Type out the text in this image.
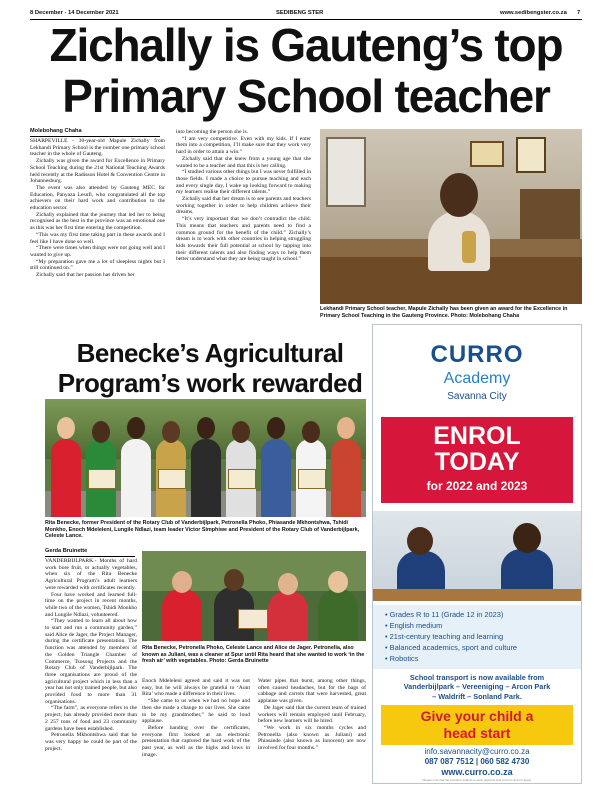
8 December - 14 December 2021	SEDIBENG STER	www.sedibengster.co.za 7
Zichally is Gauteng’s top
Primary School teacher
Molebohang Chaha

SHARPEVILLE - 30-year-old Mapule Zichally from Lekhandi Primary School is the number one primary school teacher in the whole of Gauteng.

Zichally was given the award for Excellence in Primary School Teaching during the 21st National Teaching Awards held recently at the Radisson Hotel & Convention Centre in Johannesburg.

The event was also attended by Gauteng MEC for Education, Panyaza Lesufi, who congratulated all the top achievers on their hard work and contribution to the education sector.

Zichally explained that the journey that led her to being recognised as the best in the province was an emotional one as this was her first time entering the competition.

“This was my first time taking part in these awards and I feel like I have done so well.

“There were times when things were not going well and I wanted to give up.

“My preparation gave me a lot of sleepless nights but I still continued on.”

Zichally said that her passion has driven her

into becoming the person she is.

“I am very competitive. Even with my kids. If I enter them into a competition, I’ll make sure that they work very hard in order to attain a win.”

Zichally said that she knew from a young age that she wanted to be a teacher and that this is her calling.

“I studied various other things but I was never fulfilled in those fields. I made a choice to pursue teaching and each and every single day, I wake up looking forward to making my learners realise their different talents.”

Zichally said that her dream is to see parents and teachers working together in order to help children achieve their dreams.

“It’s very important that we don’t contradict the child. This means that teachers and parents need to find a common ground for the benefit of the child.” Zichally’s dream is to work with other countries in helping struggling kids towards their full potential at school by tapping into their different talents and also finding ways to help them better understand what they are being taught in school.”

Lekhandi Primary School teacher, Mapule Zichally has been given an award for the Excellence in Primary School Teaching in the Gauteng Province. Photo: Molebohang Chaha
Benecke’s Agricultural
Program’s work rewarded
Rita Benecke, former President of the Rotary Club of Vanderbijlpark, Petronella Phoko, Phiasande Mkhontshwa, Tshidi Monkho, Enoch Mdeleleni, Lungile Ndlazi, team leader Victor Simphiwe and President of the Rotary Club of Vanderbijlpark, Celeste Lance.
Gerda Bruinette

VANDERBIJLPARK.- Months of hard work bore fruit, or actually vegetables, when six of the Rita Benecke Agricultural Program’s adult learners were rewarded with certificates recently.

Four have worked and learned full-time on the project in recent months, while two of the women, Tshidi Monkho and Lungile Ndlazi, volunteered.

“They wanted to learn all about how to start and run a community garden,” said Alice de Jager, the Project Manager, during the certificate presentation. The function was attended by members of the Golden Triangle Chamber of Commerce, Tsosong Projects and the Rotary Club of Vanderbijlpark. The three organisations are proud of the agricultural project which in less than a year has not only trained people, but also provided food to more than 31 organisations.

“The farm”, as everyone refers to the project, has already provided more than 2 257 tons of food and 23 community gardens have been established.

Petronella Mkhontshwa said that he was very happy he could be part of the project.

Rita Benecke, Petronella Phoko, Celeste Lance and Alice de Jager. Petronella, also known as Juliani, was a cleaner at Spur until Rita heard that she wanted to work ‘in the fresh air’ with vegetables. Photo: Gerda Bruinette

Enoch Mdeleleni agreed and said it was not easy, but he will always be grateful to ‘Aunt Rita’ who made a difference in their lives.

“She came to us when we had no hope and then she made a change to our lives. She came to be my grandmother,” he said to loud applause.

Before handing over the certificates, everyone first looked at an electronic presentation that captured the hard work of the past year, as well as the highs and lows in image.

Water pipes that burst, among other things, often caused headaches, but for the bags of cabbage and carrots that were harvested, great applause was given.

De Jager said that the current team of trained workers will remain employed until February, before new learners will be hired.

“We work in six months cycles and Petronella (also known as Juliani) and Phiasande (also known as Innocent) are now involved for four months.”

CURRO
Academy
Savanna City
ENROL
TODAY
for 2022 and 2023
• Grades R to 11 (Grade 12 in 2023)
• English medium
• 21st-century teaching and learning
• Balanced academics, sport and culture
• Robotics
School transport is now available from
Vanderbijlpark – Vereeniging – Arcon Park
– Waldrift – Sonland Park.
Give your child a
head start
info.savannacity@curro.co.za
087 087 7512 | 060 582 4730
www.curro.co.za
Please note that the brochure subject to early payment and Curro ts and c’s apply.
